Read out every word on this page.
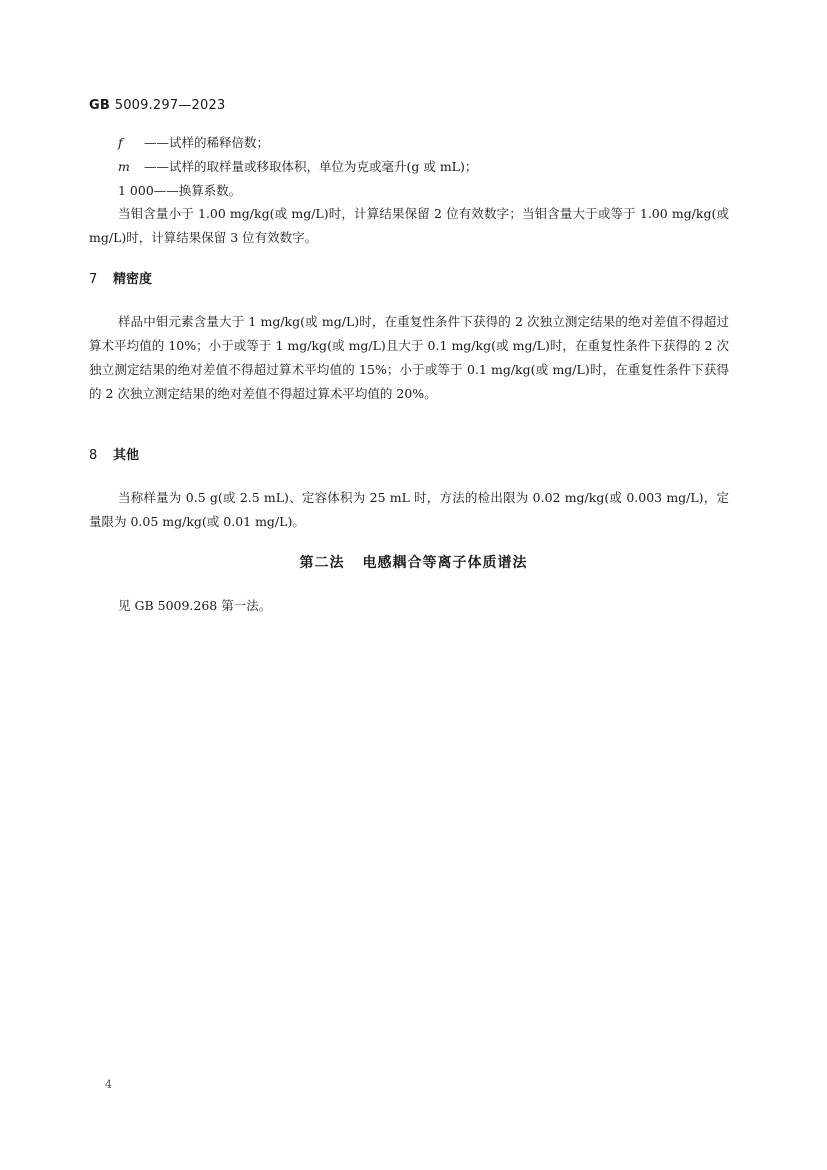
GB 5009.297—2023
f ——试样的稀释倍数；
m ——试样的取样量或移取体积，单位为克或毫升(g 或 mL)；
1 000——换算系数。
当钼含量小于 1.00 mg/kg(或 mg/L)时，计算结果保留 2 位有效数字；当钼含量大于或等于 1.00 mg/kg(或 mg/L)时，计算结果保留 3 位有效数字。
7 精密度
样品中钼元素含量大于 1 mg/kg(或 mg/L)时，在重复性条件下获得的 2 次独立测定结果的绝对差值不得超过算术平均值的 10%；小于或等于 1 mg/kg(或 mg/L)且大于 0.1 mg/kg(或 mg/L)时，在重复性条件下获得的 2 次独立测定结果的绝对差值不得超过算术平均值的 15%；小于或等于 0.1 mg/kg(或 mg/L)时，在重复性条件下获得的 2 次独立测定结果的绝对差值不得超过算术平均值的 20%。
8 其他
当称样量为 0.5 g(或 2.5 mL)、定容体积为 25 mL 时，方法的检出限为 0.02 mg/kg(或 0.003 mg/L)，定量限为 0.05 mg/kg(或 0.01 mg/L)。
第二法 电感耦合等离子体质谱法
见 GB 5009.268 第一法。
4
